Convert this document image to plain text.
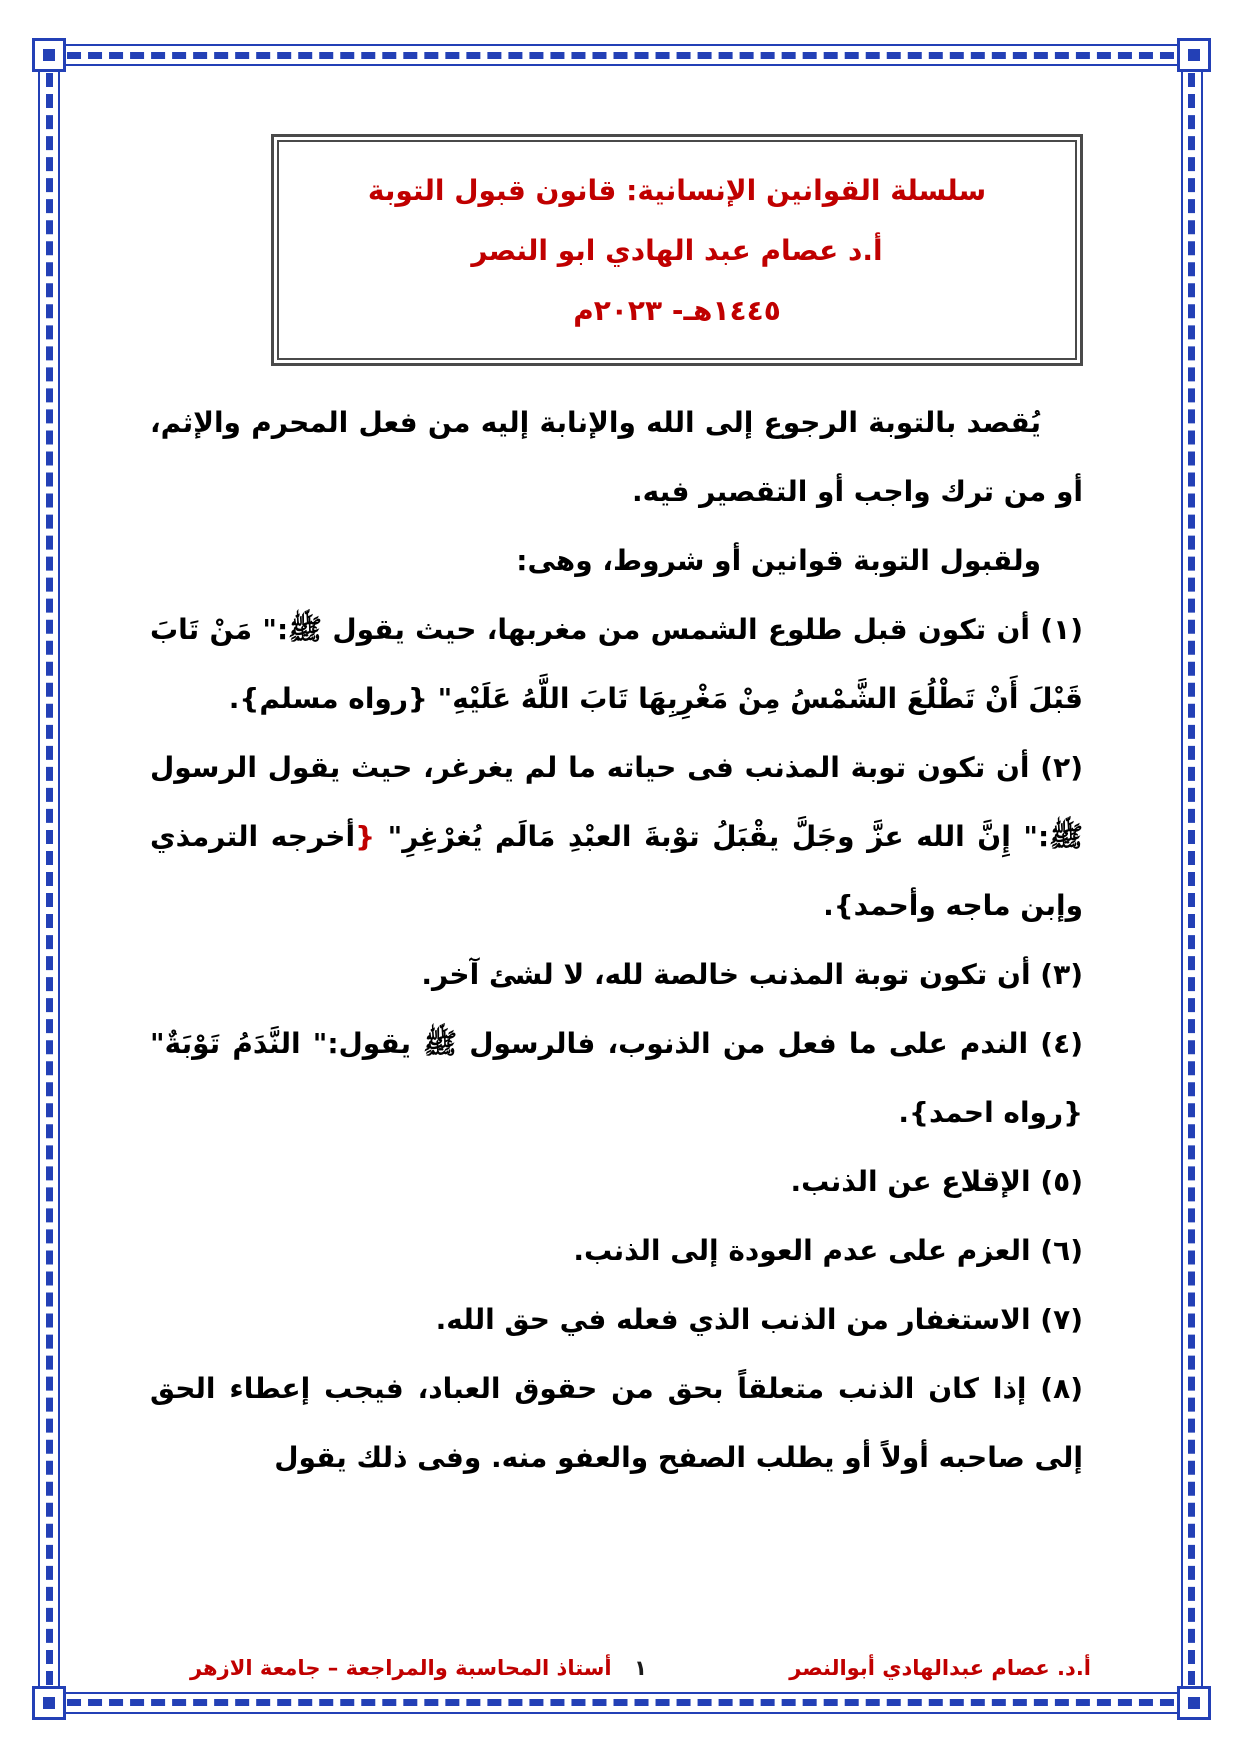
سلسلة القوانين الإنسانية: قانون قبول التوبة

أ.د عصام عبد الهادي ابو النصر

١٤٤٥هـ- ٢٠٢٣م

يُقصد بالتوبة الرجوع إلى الله والإنابة إليه من فعل المحرم والإثم، أو من ترك واجب أو التقصير فيه.

ولقبول التوبة قوانين أو شروط، وهى:

(١) أن تكون قبل طلوع الشمس من مغربها، حيث يقول ﷺ:" مَنْ تَابَ قَبْلَ أَنْ تَطْلُعَ الشَّمْسُ مِنْ مَغْرِبِهَا تَابَ اللَّهُ عَلَيْهِ" {رواه مسلم}.

(٢) أن تكون توبة المذنب فى حياته ما لم يغرغر، حيث يقول الرسول ﷺ:" إِنَّ الله عزَّ وجَلَّ يقْبَلُ توْبةَ العبْدِ مَالَم يُغرْغِرِ" {أخرجه الترمذي وإبن ماجه وأحمد}.

(٣) أن تكون توبة المذنب خالصة لله، لا لشئ آخر.

(٤) الندم على ما فعل من الذنوب، فالرسول ﷺ يقول:" النَّدَمُ تَوْبَةٌ" {رواه احمد}.

(٥) الإقلاع عن الذنب.

(٦) العزم على عدم العودة إلى الذنب.

(٧) الاستغفار من الذنب الذي فعله في حق الله.

(٨) إذا كان الذنب متعلقاً بحق من حقوق العباد، فيجب إعطاء الحق إلى صاحبه أولاً أو يطلب الصفح والعفو منه. وفى ذلك يقول

أ.د. عصام عبدالهادي أبوالنصر
١
أستاذ المحاسبة والمراجعة – جامعة الازهر
